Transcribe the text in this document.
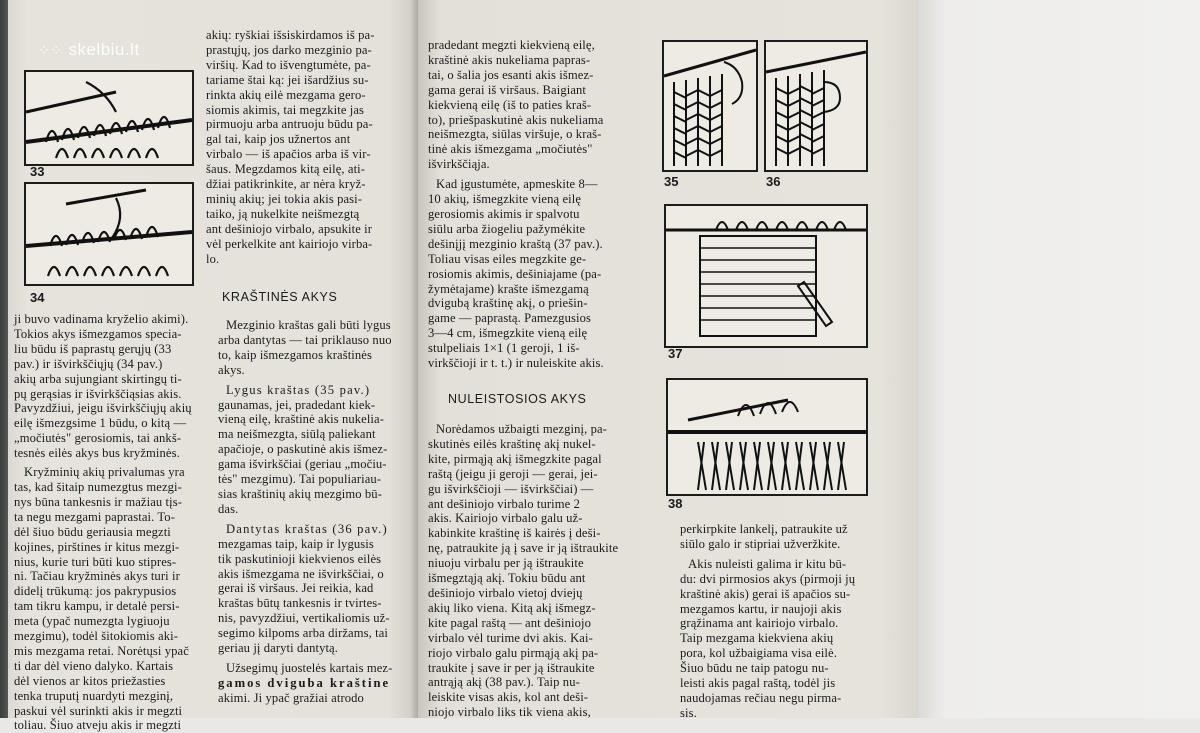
⁘⁘ skelbiu.lt
33
34

ji buvo vadinama kryželio akimi).

Tokios akys išmezgamos specia-

liu būdu iš paprastų gerųjų (33

pav.) ir išvirkščiųjų (34 pav.)

akių arba sujungiant skirtingų ti-

pų gerąsias ir išvirkščiąsias akis.

Pavyzdžiui, jeigu išvirkščiųjų akių

eilę išmezgsime 1 būdu, o kitą —

„močiutės" gerosiomis, tai ankš-

tesnės eilės akys bus kryžminės.

Kryžminių akių privalumas yra

tas, kad šitaip numezgtus mezgi-

nys būna tankesnis ir mažiau tįs-

ta negu mezgami paprastai. To-

dėl šiuo būdu geriausia megzti

kojines, pirštines ir kitus mezgi-

nius, kurie turi būti kuo stipres-

ni. Tačiau kryžminės akys turi ir

didelį trūkumą: jos pakrypusios

tam tikru kampu, ir detalė persi-

meta (ypač numezgta lygiuoju

mezgimu), todėl šitokiomis aki-

mis mezgama retai. Norėtųsi ypač

ti dar dėl vieno dalyko. Kartais

dėl vienos ar kitos priežasties

tenka truputį nuardyti mezginį,

paskui vėl surinkti akis ir megzti

toliau. Šiuo atveju akis ir megzti

akių: ryškiai išsiskirdamos iš pa-

prastųjų, jos darko mezginio pa-

viršių. Kad to išvengtumėte, pa-

tariame štai ką: jei išardžius su-

rinkta akių eilė mezgama gero-

siomis akimis, tai megzkite jas

pirmuoju arba antruoju būdu pa-

gal tai, kaip jos užnertos ant

virbalo — iš apačios arba iš vir-

šaus. Megzdamos kitą eilę, ati-

džiai patikrinkite, ar nėra kryž-

minių akių; jei tokia akis pasi-

taiko, ją nukelkite neišmezgtą

ant dešiniojo virbalo, apsukite ir

vėl perkelkite ant kairiojo virba-

lo.

KRAŠTINĖS AKYS

Mezginio kraštas gali būti lygus

arba dantytas — tai priklauso nuo

to, kaip išmezgamos kraštinės

akys.

Lygus kraštas (35 pav.)

gaunamas, jei, pradedant kiek-

vieną eilę, kraštinė akis nukelia-

ma neišmezgta, siūlą paliekant

apačioje, o paskutinė akis išmez-

gama išvirkščiai (geriau „močiu-

tės" mezgimu). Tai populiariau-

sias kraštinių akių mezgimo bū-

das.

Dantytas kraštas (36 pav.)

mezgamas taip, kaip ir lygusis

tik paskutinioji kiekvienos eilės

akis išmezgama ne išvirkščiai, o

gerai iš viršaus. Jei reikia, kad

kraštas būtų tankesnis ir tvirtes-

nis, pavyzdžiui, vertikaliomis už-

segimo kilpoms arba diržams, tai

geriau jį daryti dantytą.

Užsegimų juostelės kartais mez-

gamos dviguba kraštine

akimi. Ji ypač gražiai atrodo

pradedant megzti kiekvieną eilę,

kraštinė akis nukeliama papras-

tai, o šalia jos esanti akis išmez-

gama gerai iš viršaus. Baigiant

kiekvieną eilę (iš to paties kraš-

to), priešpaskutinė akis nukeliama

neišmezgta, siūlas viršuje, o kraš-

tinė akis išmezgama „močiutės"

išvirkščiąja.

Kad įgustumėte, apmeskite 8—

10 akių, išmegzkite vieną eilę

gerosiomis akimis ir spalvotu

siūlu arba žiogeliu pažymėkite

dešinįjį mezginio kraštą (37 pav.).

Toliau visas eiles megzkite ge-

rosiomis akimis, dešiniajame (pa-

žymėtajame) krašte išmezgamą

dvigubą kraštinę akį, o priešin-

game — paprastą. Pamezgusios

3—4 cm, išmegzkite vieną eilę

stulpeliais 1×1 (1 geroji, 1 iš-

virkščioji ir t. t.) ir nuleiskite akis.

NULEISTOSIOS AKYS

Norėdamos užbaigti mezginį, pa-

skutinės eilės kraštinę akį nukel-

kite, pirmąją akį išmegzkite pagal

raštą (jeigu ji geroji — gerai, jei-

gu išvirkščioji — išvirkščiai) —

ant dešiniojo virbalo turime 2

akis. Kairiojo virbalo galu už-

kabinkite kraštinę iš kairės į deši-

nę, patraukite ją į save ir ją ištraukite

niuoju virbalu per ją ištraukite

išmegztąją akį. Tokiu būdu ant

dešiniojo virbalo vietoj dviejų

akių liko viena. Kitą akį išmegz-

kite pagal raštą — ant dešiniojo

virbalo vėl turime dvi akis. Kai-

riojo virbalo galu pirmąją akį pa-

traukite į save ir per ją ištraukite

antrąją akį (38 pav.). Taip nu-

leiskite visas akis, kol ant deši-

niojo virbalo liks tik viena akis,

35	36
37
38

perkirpkite lankelį, patraukite už

siūlo galo ir stipriai užveržkite.

Akis nuleisti galima ir kitu bū-

du: dvi pirmosios akys (pirmoji jų

kraštinė akis) gerai iš apačios su-

mezgamos kartu, ir naujoji akis

grąžinama ant kairiojo virbalo.

Taip mezgama kiekviena akių

pora, kol užbaigiama visa eilė.

Šiuo būdu ne taip patogu nu-

leisti akis pagal raštą, todėl jis

naudojamas rečiau negu pirma-

sis.
